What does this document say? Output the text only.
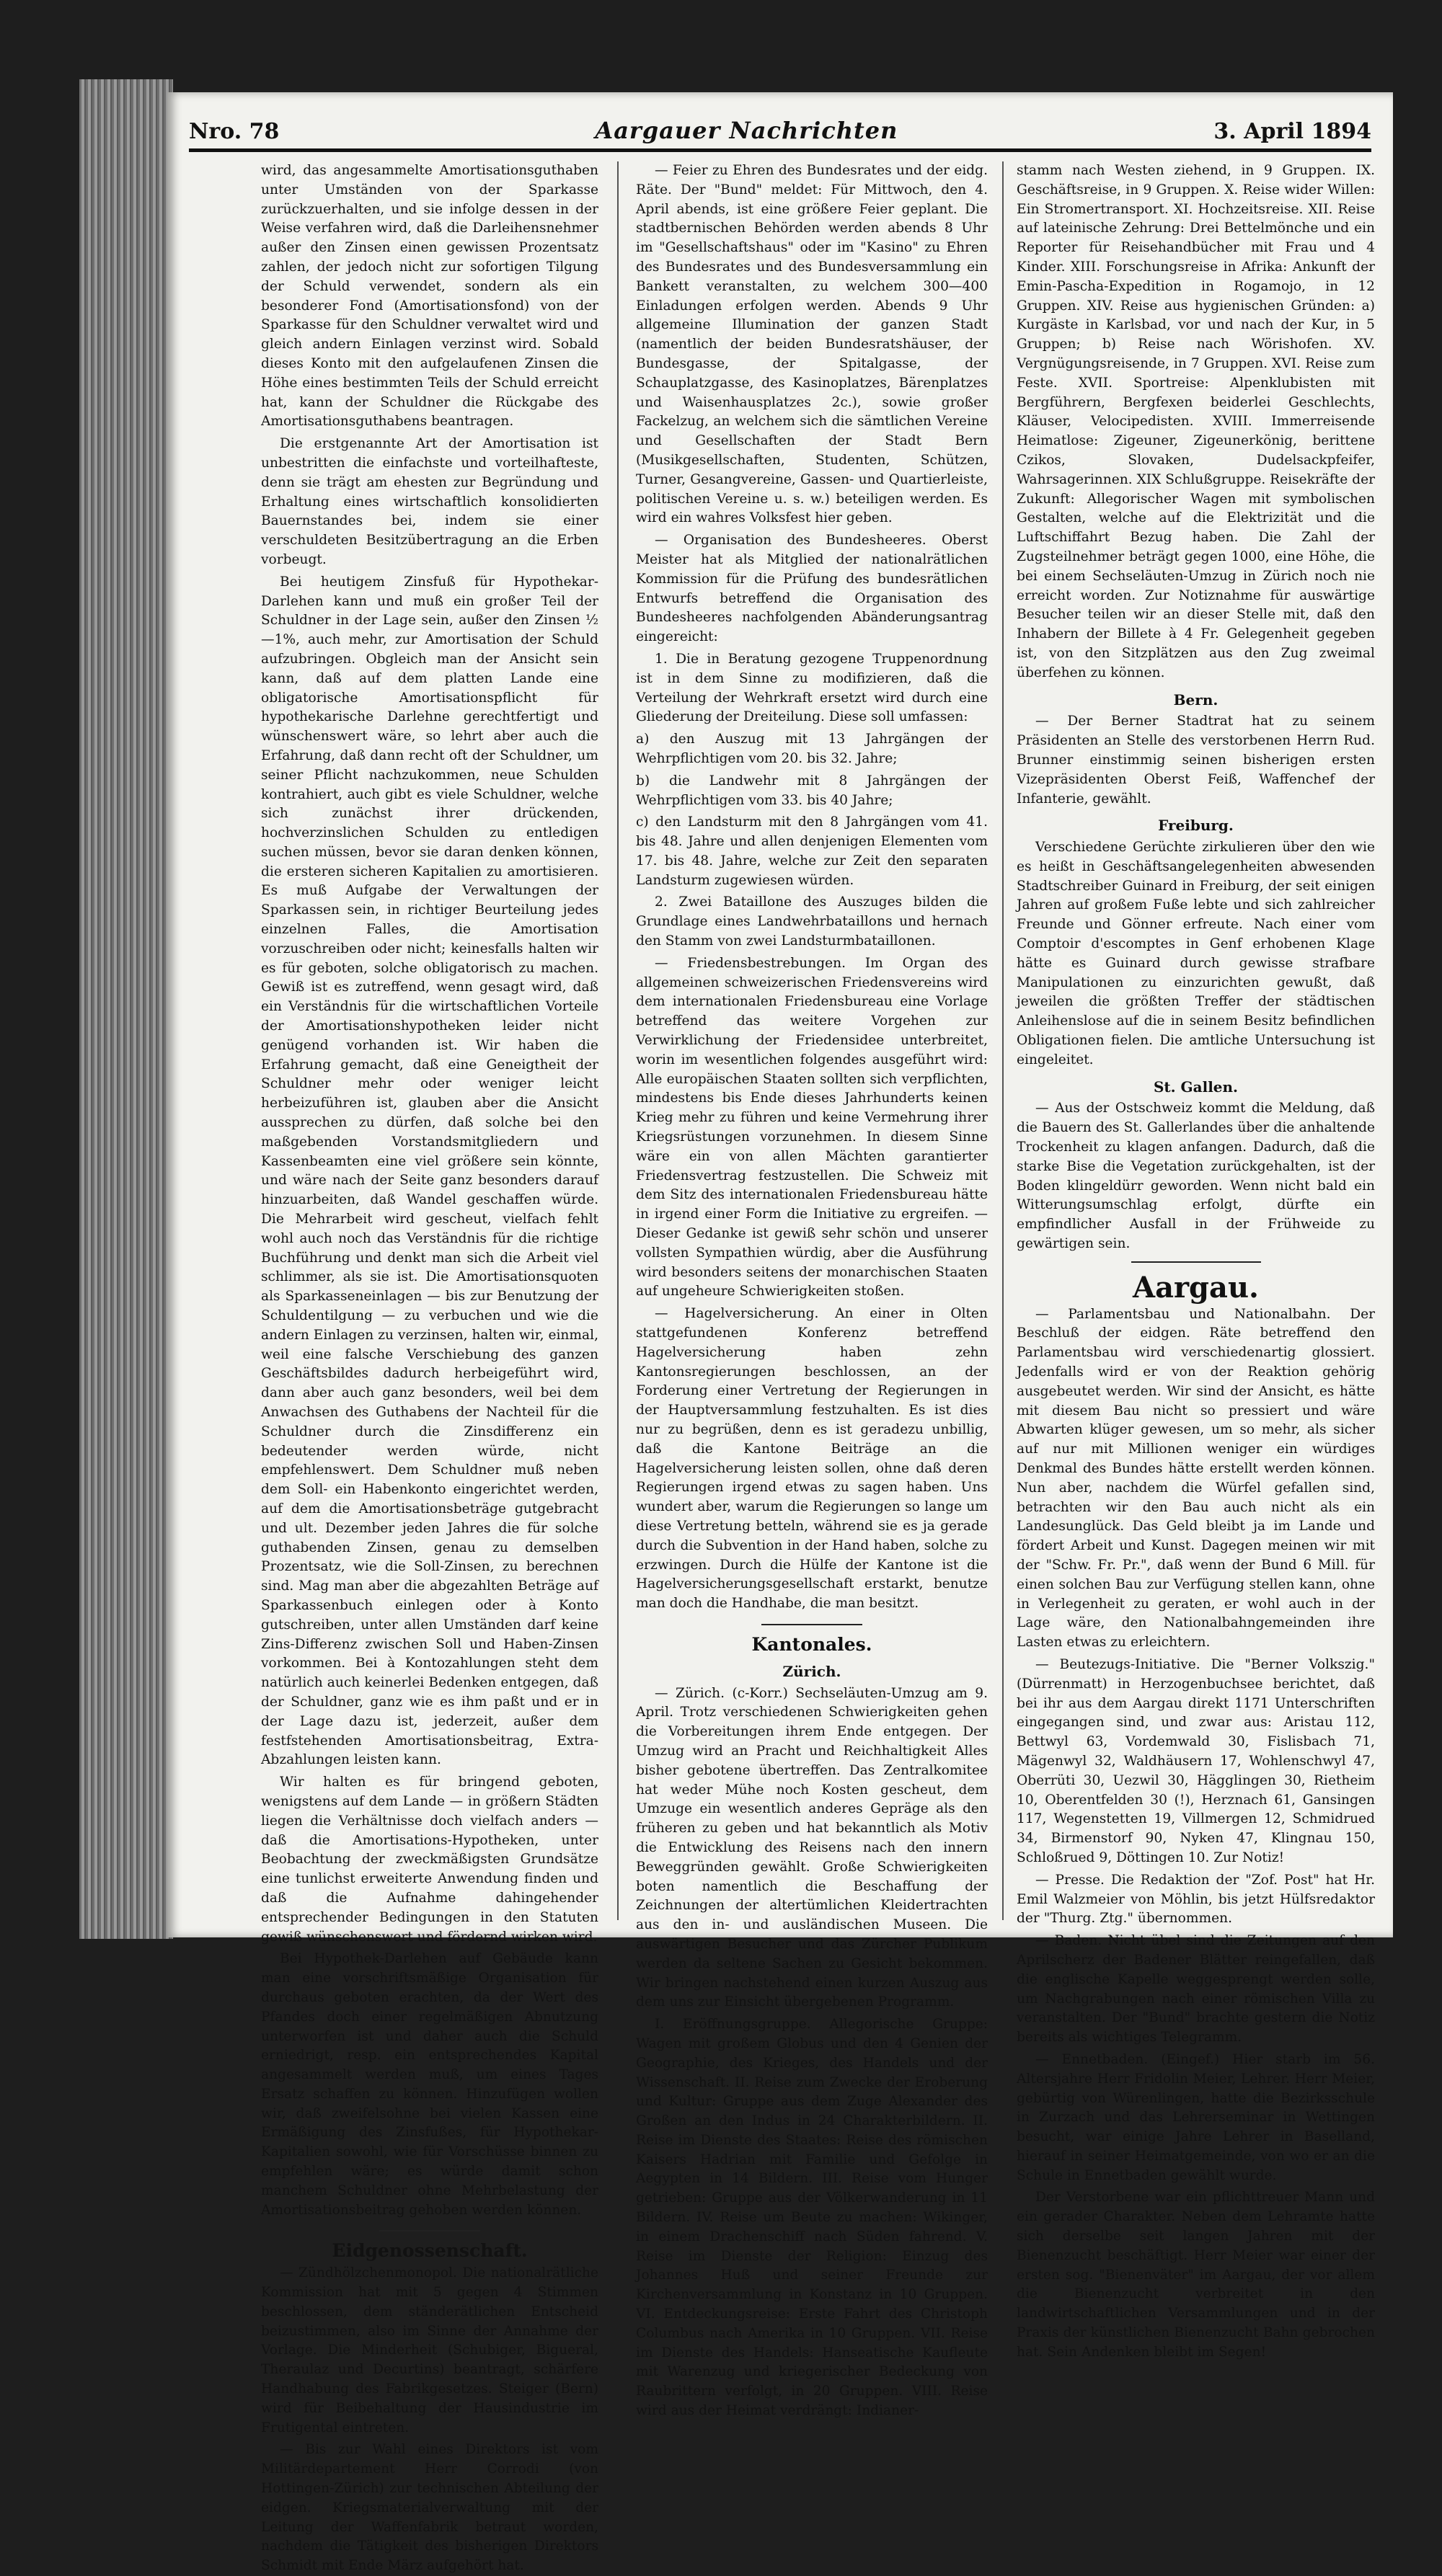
Nro. 78	Aargauer Nachrichten	3. April 1894

wird, das angesammelte Amortisationsguthaben unter Umständen von der Sparkasse zurückzuerhalten, und sie infolge dessen in der Weise verfahren wird, daß die Darleihensnehmer außer den Zinsen einen gewissen Prozentsatz zahlen, der jedoch nicht zur sofortigen Tilgung der Schuld verwendet, sondern als ein besonderer Fond (Amortisationsfond) von der Sparkasse für den Schuldner verwaltet wird und gleich andern Einlagen verzinst wird. Sobald dieses Konto mit den aufgelaufenen Zinsen die Höhe eines bestimmten Teils der Schuld erreicht hat, kann der Schuldner die Rückgabe des Amortisationsguthabens beantragen.

Die erstgenannte Art der Amortisation ist unbestritten die einfachste und vorteilhafteste, denn sie trägt am ehesten zur Begründung und Erhaltung eines wirtschaftlich konsolidierten Bauernstandes bei, indem sie einer verschuldeten Besitzübertragung an die Erben vorbeugt.

Bei heutigem Zinsfuß für Hypothekar-Darlehen kann und muß ein großer Teil der Schuldner in der Lage sein, außer den Zinsen ½—1%, auch mehr, zur Amortisation der Schuld aufzubringen. Obgleich man der Ansicht sein kann, daß auf dem platten Lande eine obligatorische Amortisationspflicht für hypothekarische Darlehne gerechtfertigt und wünschenswert wäre, so lehrt aber auch die Erfahrung, daß dann recht oft der Schuldner, um seiner Pflicht nachzukommen, neue Schulden kontrahiert, auch gibt es viele Schuldner, welche sich zunächst ihrer drückenden, hochverzinslichen Schulden zu entledigen suchen müssen, bevor sie daran denken können, die ersteren sicheren Kapitalien zu amortisieren. Es muß Aufgabe der Verwaltungen der Sparkassen sein, in richtiger Beurteilung jedes einzelnen Falles, die Amortisation vorzuschreiben oder nicht; keinesfalls halten wir es für geboten, solche obligatorisch zu machen. Gewiß ist es zutreffend, wenn gesagt wird, daß ein Verständnis für die wirtschaftlichen Vorteile der Amortisationshypotheken leider nicht genügend vorhanden ist. Wir haben die Erfahrung gemacht, daß eine Geneigtheit der Schuldner mehr oder weniger leicht herbeizuführen ist, glauben aber die Ansicht aussprechen zu dürfen, daß solche bei den maßgebenden Vorstandsmitgliedern und Kassenbeamten eine viel größere sein könnte, und wäre nach der Seite ganz besonders darauf hinzuarbeiten, daß Wandel geschaffen würde. Die Mehrarbeit wird gescheut, vielfach fehlt wohl auch noch das Verständnis für die richtige Buchführung und denkt man sich die Arbeit viel schlimmer, als sie ist. Die Amortisationsquoten als Sparkasseneinlagen — bis zur Benutzung der Schuldentilgung — zu verbuchen und wie die andern Einlagen zu verzinsen, halten wir, einmal, weil eine falsche Verschiebung des ganzen Geschäftsbildes dadurch herbeigeführt wird, dann aber auch ganz besonders, weil bei dem Anwachsen des Guthabens der Nachteil für die Schuldner durch die Zinsdifferenz ein bedeutender werden würde, nicht empfehlenswert. Dem Schuldner muß neben dem Soll- ein Habenkonto eingerichtet werden, auf dem die Amortisationsbeträge gutgebracht und ult. Dezember jeden Jahres die für solche guthabenden Zinsen, genau zu demselben Prozentsatz, wie die Soll-Zinsen, zu berechnen sind. Mag man aber die abgezahlten Beträge auf Sparkassenbuch einlegen oder à Konto gutschreiben, unter allen Umständen darf keine Zins-Differenz zwischen Soll und Haben-Zinsen vorkommen. Bei à Kontozahlungen steht dem natürlich auch keinerlei Bedenken entgegen, daß der Schuldner, ganz wie es ihm paßt und er in der Lage dazu ist, jederzeit, außer dem festfstehenden Amortisationsbeitrag, Extra-Abzahlungen leisten kann.

Wir halten es für bringend geboten, wenigstens auf dem Lande — in größern Städten liegen die Verhältnisse doch vielfach anders — daß die Amortisations-Hypotheken, unter Beobachtung der zweckmäßigsten Grundsätze eine tunlichst erweiterte Anwendung finden und daß die Aufnahme dahingehender entsprechender Bedingungen in den Statuten gewiß wünschenswert und fördernd wirken wird.

Bei Hypothek-Darlehen auf Gebäude kann man eine vorschriftsmäßige Organisation für durchaus geboten erachten, da der Wert des Pfandes doch einer regelmäßigen Abnutzung unterworfen ist und daher auch die Schuld erniedrigt, resp. ein entsprechendes Kapital angesammelt werden muß, um eines Tages Ersatz schaffen zu können. Hinzufügen wollen wir, daß zweifelsohne bei vielen Kassen eine Ermäßigung des Zinsfußes, für Hypothekar-Kapitalien sowohl, wie für Vorschüsse binnen zu empfehlen wäre; es würde damit schon manchem Schuldner ohne Mehrbelastung der Amortisationsbeitrag gehoben werden können.

Eidgenossenschaft.

— Zündhölzchenmonopol. Die nationalrätliche Kommission hat mit 5 gegen 4 Stimmen beschlossen, dem ständerätlichen Entscheid beizustimmen, also im Sinne der Annahme der Vorlage. Die Minderheit (Schubiger, Bigueral, Theraulaz und Decurtins) beantragt, schärfere Handhabung des Fabrikgesetzes. Steiger (Bern) wird für Beibehaltung der Hausindustrie im Frutigental eintreten.

— Bis zur Wahl eines Direktors ist vom Militärdepartement Herr Corrodi (von Hottingen-Zürich) zur technischen Abteilung der eidgen. Kriegsmaterialverwaltung mit der Leitung der Waffenfabrik betraut worden, nachdem die Tätigkeit des bisherigen Direktors Schmidt mit Ende März aufgehört hat.

— Feier zu Ehren des Bundesrates und der eidg. Räte. Der "Bund" meldet: Für Mittwoch, den 4. April abends, ist eine größere Feier geplant. Die stadtbernischen Behörden werden abends 8 Uhr im "Gesellschaftshaus" oder im "Kasino" zu Ehren des Bundesrates und des Bundesversammlung ein Bankett veranstalten, zu welchem 300—400 Einladungen erfolgen werden. Abends 9 Uhr allgemeine Illumination der ganzen Stadt (namentlich der beiden Bundesratshäuser, der Bundesgasse, der Spitalgasse, der Schauplatzgasse, des Kasinoplatzes, Bärenplatzes und Waisenhausplatzes 2c.), sowie großer Fackelzug, an welchem sich die sämtlichen Vereine und Gesellschaften der Stadt Bern (Musikgesellschaften, Studenten, Schützen, Turner, Gesangvereine, Gassen- und Quartierleiste, politischen Vereine u. s. w.) beteiligen werden. Es wird ein wahres Volksfest hier geben.

— Organisation des Bundesheeres. Oberst Meister hat als Mitglied der nationalrätlichen Kommission für die Prüfung des bundesrätlichen Entwurfs betreffend die Organisation des Bundesheeres nachfolgenden Abänderungsantrag eingereicht:

1. Die in Beratung gezogene Truppenordnung ist in dem Sinne zu modifizieren, daß die Verteilung der Wehrkraft ersetzt wird durch eine Gliederung der Dreiteilung. Diese soll umfassen:

a) den Auszug mit 13 Jahrgängen der Wehrpflichtigen vom 20. bis 32. Jahre;

b) die Landwehr mit 8 Jahrgängen der Wehrpflichtigen vom 33. bis 40 Jahre;

c) den Landsturm mit den 8 Jahrgängen vom 41. bis 48. Jahre und allen denjenigen Elementen vom 17. bis 48. Jahre, welche zur Zeit den separaten Landsturm zugewiesen würden.

2. Zwei Bataillone des Auszuges bilden die Grundlage eines Landwehrbataillons und hernach den Stamm von zwei Landsturmbataillonen.

— Friedensbestrebungen. Im Organ des allgemeinen schweizerischen Friedensvereins wird dem internationalen Friedensbureau eine Vorlage betreffend das weitere Vorgehen zur Verwirklichung der Friedensidee unterbreitet, worin im wesentlichen folgendes ausgeführt wird: Alle europäischen Staaten sollten sich verpflichten, mindestens bis Ende dieses Jahrhunderts keinen Krieg mehr zu führen und keine Vermehrung ihrer Kriegsrüstungen vorzunehmen. In diesem Sinne wäre ein von allen Mächten garantierter Friedensvertrag festzustellen. Die Schweiz mit dem Sitz des internationalen Friedensbureau hätte in irgend einer Form die Initiative zu ergreifen. — Dieser Gedanke ist gewiß sehr schön und unserer vollsten Sympathien würdig, aber die Ausführung wird besonders seitens der monarchischen Staaten auf ungeheure Schwierigkeiten stoßen.

— Hagelversicherung. An einer in Olten stattgefundenen Konferenz betreffend Hagelversicherung haben zehn Kantonsregierungen beschlossen, an der Forderung einer Vertretung der Regierungen in der Hauptversammlung festzuhalten. Es ist dies nur zu begrüßen, denn es ist geradezu unbillig, daß die Kantone Beiträge an die Hagelversicherung leisten sollen, ohne daß deren Regierungen irgend etwas zu sagen haben. Uns wundert aber, warum die Regierungen so lange um diese Vertretung betteln, während sie es ja gerade durch die Subvention in der Hand haben, solche zu erzwingen. Durch die Hülfe der Kantone ist die Hagelversicherungsgesellschaft erstarkt, benutze man doch die Handhabe, die man besitzt.

Kantonales.
Zürich.

— Zürich. (c-Korr.) Sechseläuten-Umzug am 9. April. Trotz verschiedenen Schwierigkeiten gehen die Vorbereitungen ihrem Ende entgegen. Der Umzug wird an Pracht und Reichhaltigkeit Alles bisher gebotene übertreffen. Das Zentralkomitee hat weder Mühe noch Kosten gescheut, dem Umzuge ein wesentlich anderes Gepräge als den früheren zu geben und hat bekanntlich als Motiv die Entwicklung des Reisens nach den innern Beweggründen gewählt. Große Schwierigkeiten boten namentlich die Beschaffung der Zeichnungen der altertümlichen Kleidertrachten aus den in- und ausländischen Museen. Die auswärtigen Besucher und das Zürcher Publikum werden da seltene Sachen zu Gesicht bekommen. Wir bringen nachstehend einen kurzen Auszug aus dem uns zur Einsicht übergebenen Programm.

I. Eröffnungsgruppe. Allegorische Gruppe: Wagen mit großem Globus und den 4 Genien der Geographie, des Krieges, des Handels und der Wissenschaft. II. Reise zum Zwecke der Eroberung und Kultur: Gruppe aus dem Zuge Alexander des Großen an den Indus in 24 Charakterbildern. II. Reise im Dienste des Staates: Reise des römischen Kaisers Hadrian mit Familie und Gefolge in Aegypten in 14 Bildern. III. Reise vom Hunger getrieben: Gruppe aus der Völkerwanderung in 11 Bildern. IV. Reise um Beute zu machen: Wikinger, in einem Drachenschiff nach Süden fahrend. V. Reise im Dienste der Religion: Einzug des Johannes Huß und seiner Freunde zur Kirchenversammlung in Konstanz in 10 Gruppen. VI. Entdeckungsreise: Erste Fahrt des Christoph Columbus nach Amerika in 10 Gruppen. VII. Reise im Dienste des Handels: Hanseatische Kaufleute mit Warenzug und kriegerischer Bedeckung von Raubrittern verfolgt, in 20 Gruppen. VIII. Reise wird aus der Heimat verdrängt: Indianer-

stamm nach Westen ziehend, in 9 Gruppen. IX. Geschäftsreise, in 9 Gruppen. X. Reise wider Willen: Ein Stromertransport. XI. Hochzeitsreise. XII. Reise auf lateinische Zehrung: Drei Bettelmönche und ein Reporter für Reisehandbücher mit Frau und 4 Kinder. XIII. Forschungsreise in Afrika: Ankunft der Emin-Pascha-Expedition in Rogamojo, in 12 Gruppen. XIV. Reise aus hygienischen Gründen: a) Kurgäste in Karlsbad, vor und nach der Kur, in 5 Gruppen; b) Reise nach Wörishofen. XV. Vergnügungsreisende, in 7 Gruppen. XVI. Reise zum Feste. XVII. Sportreise: Alpenklubisten mit Bergführern, Bergfexen beiderlei Geschlechts, Kläuser, Velocipedisten. XVIII. Immerreisende Heimatlose: Zigeuner, Zigeunerkönig, berittene Czikos, Slovaken, Dudelsackpfeifer, Wahrsagerinnen. XIX Schlußgruppe. Reisekräfte der Zukunft: Allegorischer Wagen mit symbolischen Gestalten, welche auf die Elektrizität und die Luftschiffahrt Bezug haben. Die Zahl der Zugsteilnehmer beträgt gegen 1000, eine Höhe, die bei einem Sechseläuten-Umzug in Zürich noch nie erreicht worden. Zur Notiznahme für auswärtige Besucher teilen wir an dieser Stelle mit, daß den Inhabern der Billete à 4 Fr. Gelegenheit gegeben ist, von den Sitzplätzen aus den Zug zweimal überfehen zu können.

Bern.

— Der Berner Stadtrat hat zu seinem Präsidenten an Stelle des verstorbenen Herrn Rud. Brunner einstimmig seinen bisherigen ersten Vizepräsidenten Oberst Feiß, Waffenchef der Infanterie, gewählt.

Freiburg.

Verschiedene Gerüchte zirkulieren über den wie es heißt in Geschäftsangelegenheiten abwesenden Stadtschreiber Guinard in Freiburg, der seit einigen Jahren auf großem Fuße lebte und sich zahlreicher Freunde und Gönner erfreute. Nach einer vom Comptoir d'escomptes in Genf erhobenen Klage hätte es Guinard durch gewisse strafbare Manipulationen zu einzurichten gewußt, daß jeweilen die größten Treffer der städtischen Anleihenslose auf die in seinem Besitz befindlichen Obligationen fielen. Die amtliche Untersuchung ist eingeleitet.

St. Gallen.

— Aus der Ostschweiz kommt die Meldung, daß die Bauern des St. Gallerlandes über die anhaltende Trockenheit zu klagen anfangen. Dadurch, daß die starke Bise die Vegetation zurückgehalten, ist der Boden klingeldürr geworden. Wenn nicht bald ein Witterungsumschlag erfolgt, dürfte ein empfindlicher Ausfall in der Frühweide zu gewärtigen sein.

Aargau.

— Parlamentsbau und Nationalbahn. Der Beschluß der eidgen. Räte betreffend den Parlamentsbau wird verschiedenartig glossiert. Jedenfalls wird er von der Reaktion gehörig ausgebeutet werden. Wir sind der Ansicht, es hätte mit diesem Bau nicht so pressiert und wäre Abwarten klüger gewesen, um so mehr, als sicher auf nur mit Millionen weniger ein würdiges Denkmal des Bundes hätte erstellt werden können. Nun aber, nachdem die Würfel gefallen sind, betrachten wir den Bau auch nicht als ein Landesunglück. Das Geld bleibt ja im Lande und fördert Arbeit und Kunst. Dagegen meinen wir mit der "Schw. Fr. Pr.", daß wenn der Bund 6 Mill. für einen solchen Bau zur Verfügung stellen kann, ohne in Verlegenheit zu geraten, er wohl auch in der Lage wäre, den Nationalbahngemeinden ihre Lasten etwas zu erleichtern.

— Beutezugs-Initiative. Die "Berner Volkszig." (Dürrenmatt) in Herzogenbuchsee berichtet, daß bei ihr aus dem Aargau direkt 1171 Unterschriften eingegangen sind, und zwar aus: Aristau 112, Bettwyl 63, Vordemwald 30, Fislisbach 71, Mägenwyl 32, Waldhäusern 17, Wohlenschwyl 47, Oberrüti 30, Uezwil 30, Hägglingen 30, Rietheim 10, Oberentfelden 30 (!), Herznach 61, Gansingen 117, Wegenstetten 19, Villmergen 12, Schmidrued 34, Birmenstorf 90, Nyken 47, Klingnau 150, Schloßrued 9, Döttingen 10. Zur Notiz!

— Presse. Die Redaktion der "Zof. Post" hat Hr. Emil Walzmeier von Möhlin, bis jetzt Hülfsredaktor der "Thurg. Ztg." übernommen.

— Baden. Nicht übel sind die Zeitungen auf den Aprilscherz der Badener Blätter reingefallen, daß die englische Kapelle weggesprengt werden solle, um Nachgrabungen nach einer römischen Villa zu veranstalten. Der "Bund" brachte gestern die Notiz bereits als wichtiges Telegramm.

— Ennetbaden. (Eingef.) Hier starb im 56. Altersjahre Herr Fridolin Meier, Lehrer. Herr Meier, gebürtig von Würenlingen, hatte die Bezirksschule in Zurzach und das Lehrerseminar in Wettingen besucht, war einige Jahre Lehrer in Baselland, hierauf in seiner Heimatgemeinde, von wo er an die Schule in Ennetbaden gewählt wurde.

Der Verstorbene war ein pflichttreuer Mann und ein gerader Charakter. Neben dem Lehramte hatte sich derselbe seit langen Jahren mit der Bienenzucht beschäftigt. Herr Meier war einer der ersten sog. "Bienenväter" im Aargau, der vor allem die Bienenzucht verbreitet in den landwirtschaftlichen Versammlungen und in der Praxis der künstlichen Bienenzucht Bahn gebrochen hat. Sein Andenken bleibt im Segen!
